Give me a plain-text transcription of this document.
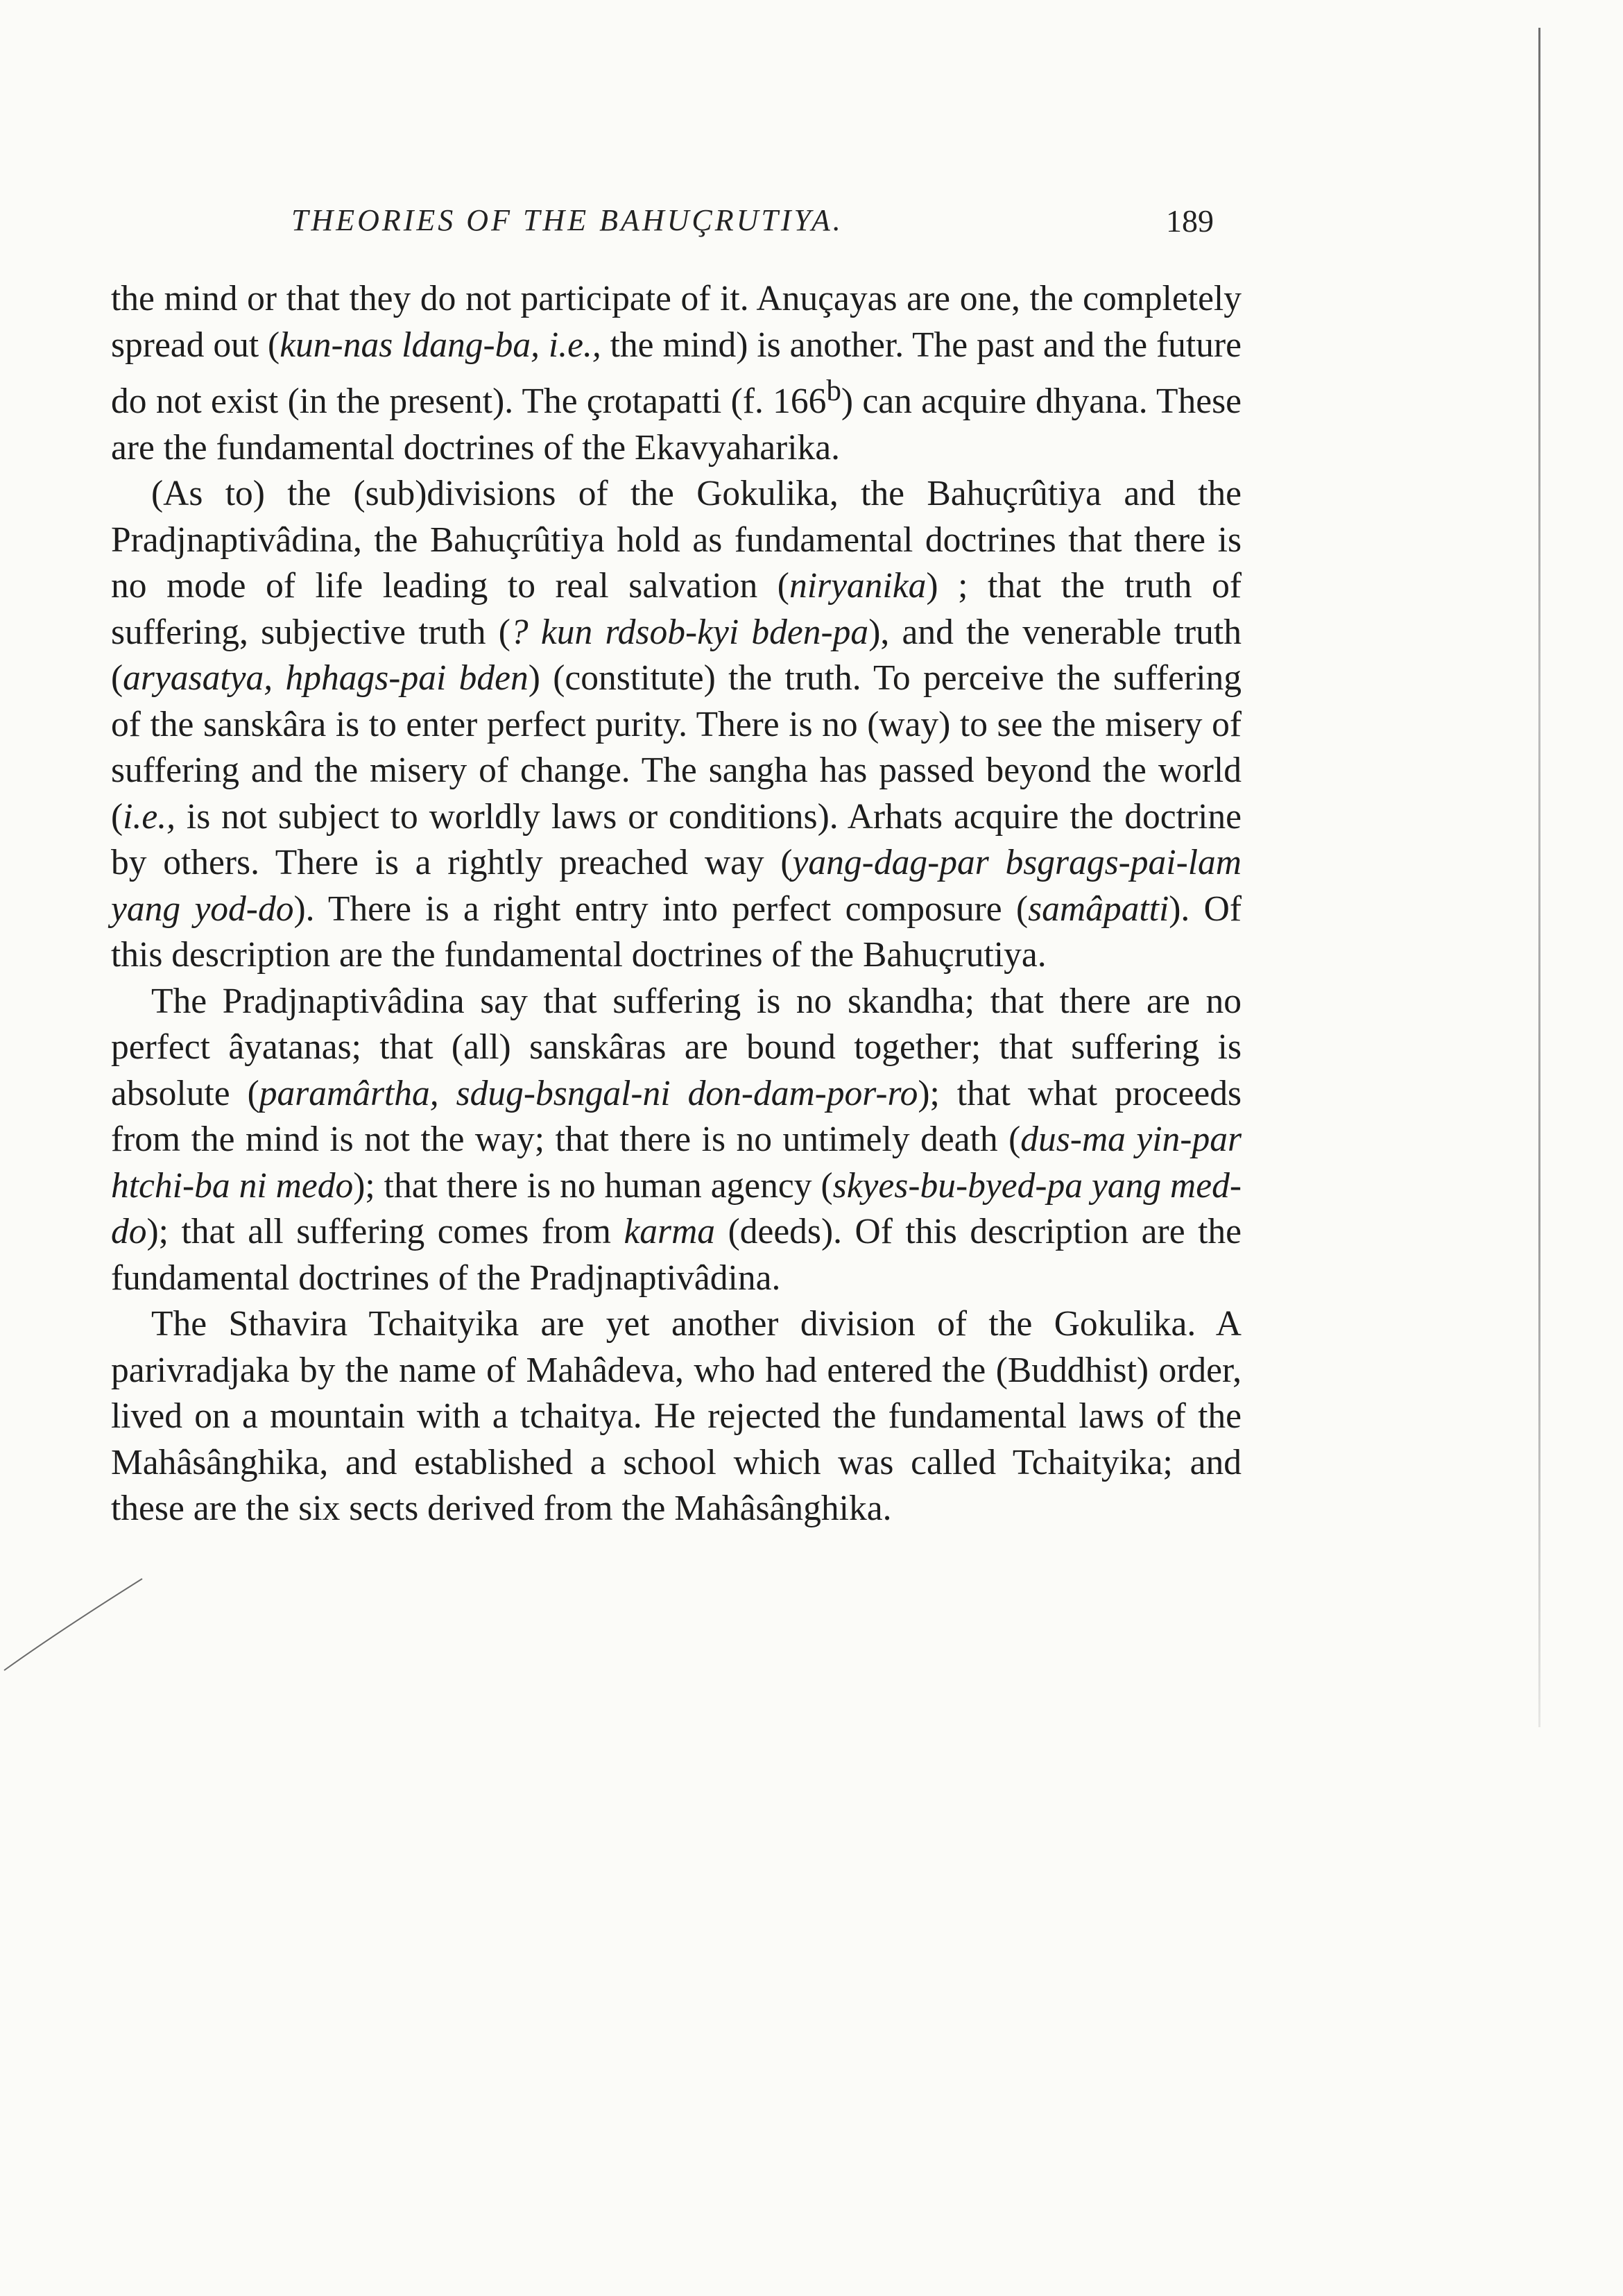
THEORIES OF THE BAHUÇRUTIYA.	189

the mind or that they do not participate of it. Anuçayas are one, the completely spread out (kun-nas ldang-ba, i.e., the mind) is another. The past and the future do not exist (in the present). The çrotapatti (f. 166$^b$) can acquire dhyana. These are the fundamental doctrines of the Ekavyaharika.

(As to) the (sub)divisions of the Gokulika, the Bahuçrûtiya and the Pradjnaptivâdina, the Bahuçrûtiya hold as fundamental doctrines that there is no mode of life leading to real salvation (niryanika) ; that the truth of suffering, subjective truth (? kun rdsob-kyi bden-pa), and the venerable truth (aryasatya, hphags-pai bden) (constitute) the truth. To perceive the suffering of the sanskâra is to enter perfect purity. There is no (way) to see the misery of suffering and the misery of change. The sangha has passed beyond the world (i.e., is not subject to worldly laws or conditions). Arhats acquire the doctrine by others. There is a rightly preached way (yang-dag-par bsgrags-pai-lam yang yod-do). There is a right entry into perfect composure (samâpatti). Of this description are the fundamental doctrines of the Bahuçrutiya.

The Pradjnaptivâdina say that suffering is no skandha; that there are no perfect âyatanas; that (all) sanskâras are bound together; that suffering is absolute (paramârtha, sdug-bsngal-ni don-dam-por-ro); that what proceeds from the mind is not the way; that there is no untimely death (dus-ma yin-par htchi-ba ni medo); that there is no human agency (skyes-bu-byed-pa yang med-do); that all suffering comes from karma (deeds). Of this description are the fundamental doctrines of the Pradjnaptivâdina.

The Sthavira Tchaityika are yet another division of the Gokulika. A parivradjaka by the name of Mahâdeva, who had entered the (Buddhist) order, lived on a mountain with a tchaitya. He rejected the fundamental laws of the Mahâsânghika, and established a school which was called Tchaityika; and these are the six sects derived from the Mahâsânghika.
